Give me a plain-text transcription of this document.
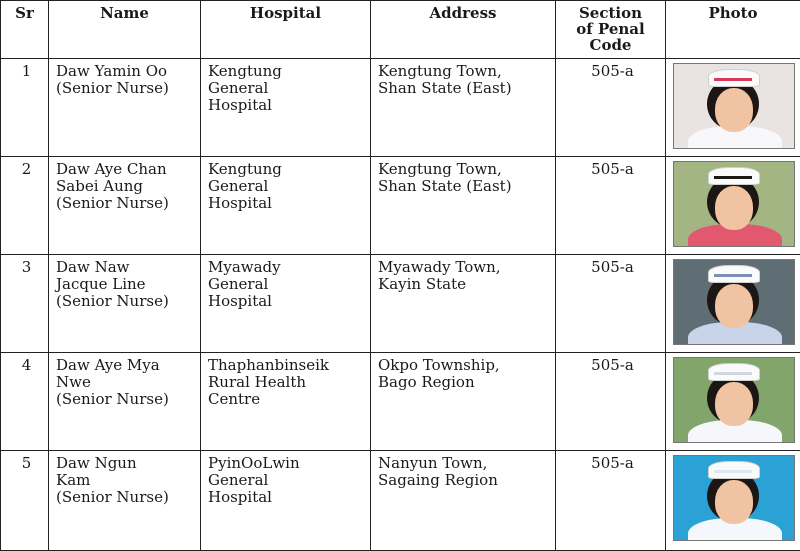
Sr	Name	Hospital	Address	Section
of Penal
Code	Photo
1	Daw Yamin Oo
(Senior Nurse)	Kengtung
General
Hospital	Kengtung Town,
Shan State (East)	505-a	

2	Daw Aye Chan
Sabei Aung
(Senior Nurse)	Kengtung
General
Hospital	Kengtung Town,
Shan State (East)	505-a	

3	Daw Naw
Jacque Line
(Senior Nurse)	Myawady
General
Hospital	Myawady Town,
Kayin State	505-a	

4	Daw Aye Mya
Nwe
(Senior Nurse)	Thaphanbinseik
Rural Health
Centre	Okpo Township,
Bago Region	505-a	

5	Daw Ngun
Kam
(Senior Nurse)	PyinOoLwin
General
Hospital	Nanyun Town,
Sagaing Region	505-a	
